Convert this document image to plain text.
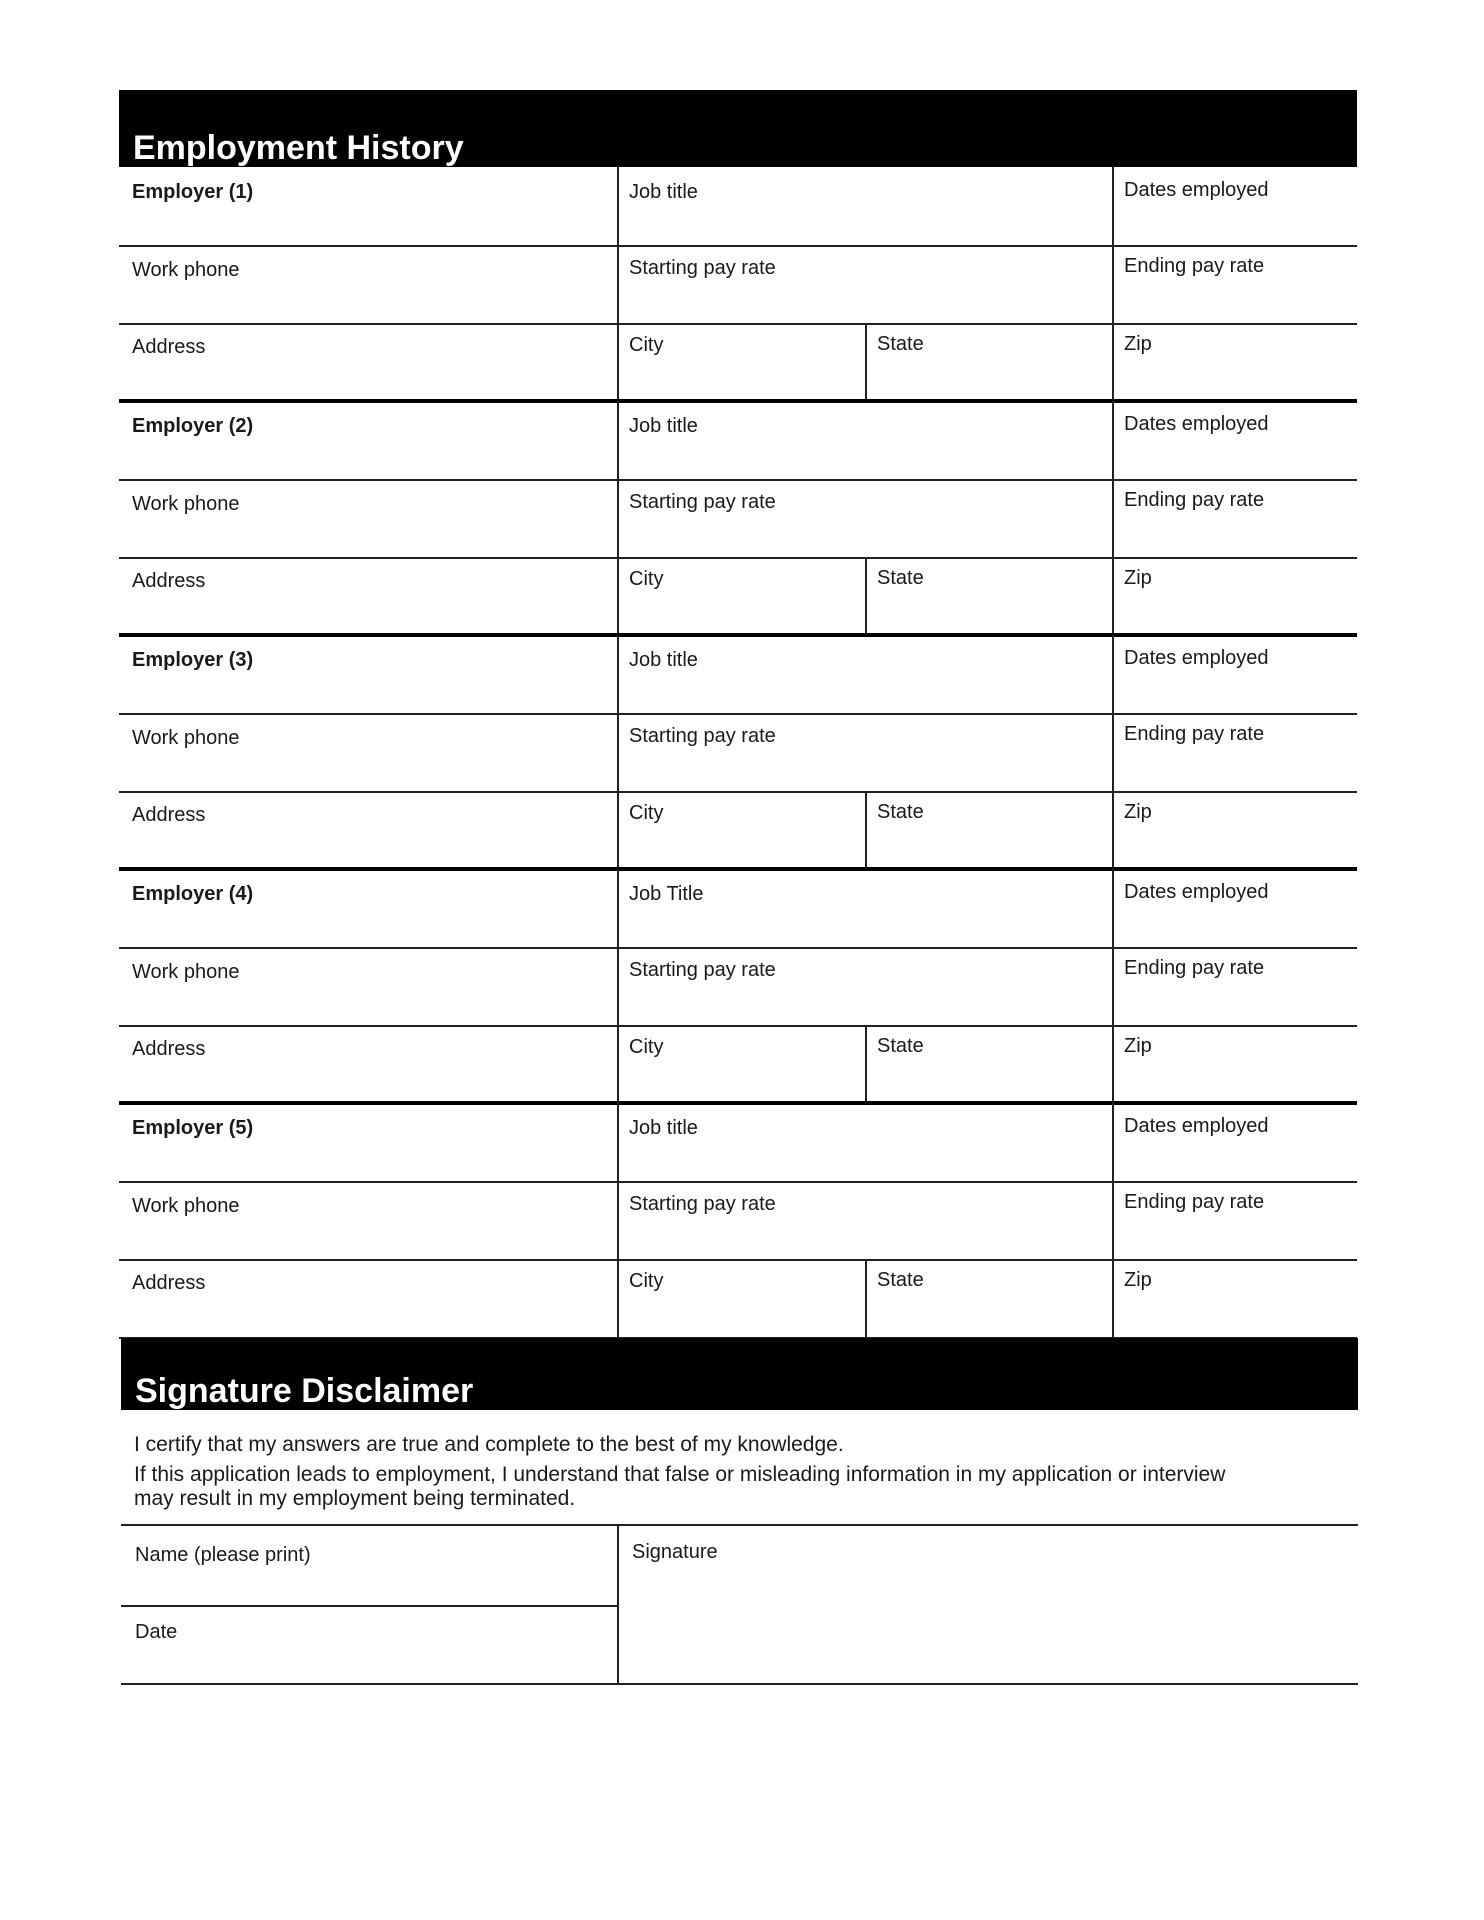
Employment History
Employer (1)	Job title	Dates employed
Work phone	Starting pay rate	Ending pay rate
Address	City	State	Zip
Employer (2)	Job title	Dates employed
Work phone	Starting pay rate	Ending pay rate
Address	City	State	Zip
Employer (3)	Job title	Dates employed
Work phone	Starting pay rate	Ending pay rate
Address	City	State	Zip
Employer (4)	Job Title	Dates employed
Work phone	Starting pay rate	Ending pay rate
Address	City	State	Zip
Employer (5)	Job title	Dates employed
Work phone	Starting pay rate	Ending pay rate
Address	City	State	Zip
Signature Disclaimer
I certify that my answers are true and complete to the best of my knowledge.
If this application leads to employment, I understand that false or misleading information in my application or interview
may result in my employment being terminated.
Name (please print)	Signature
Date
